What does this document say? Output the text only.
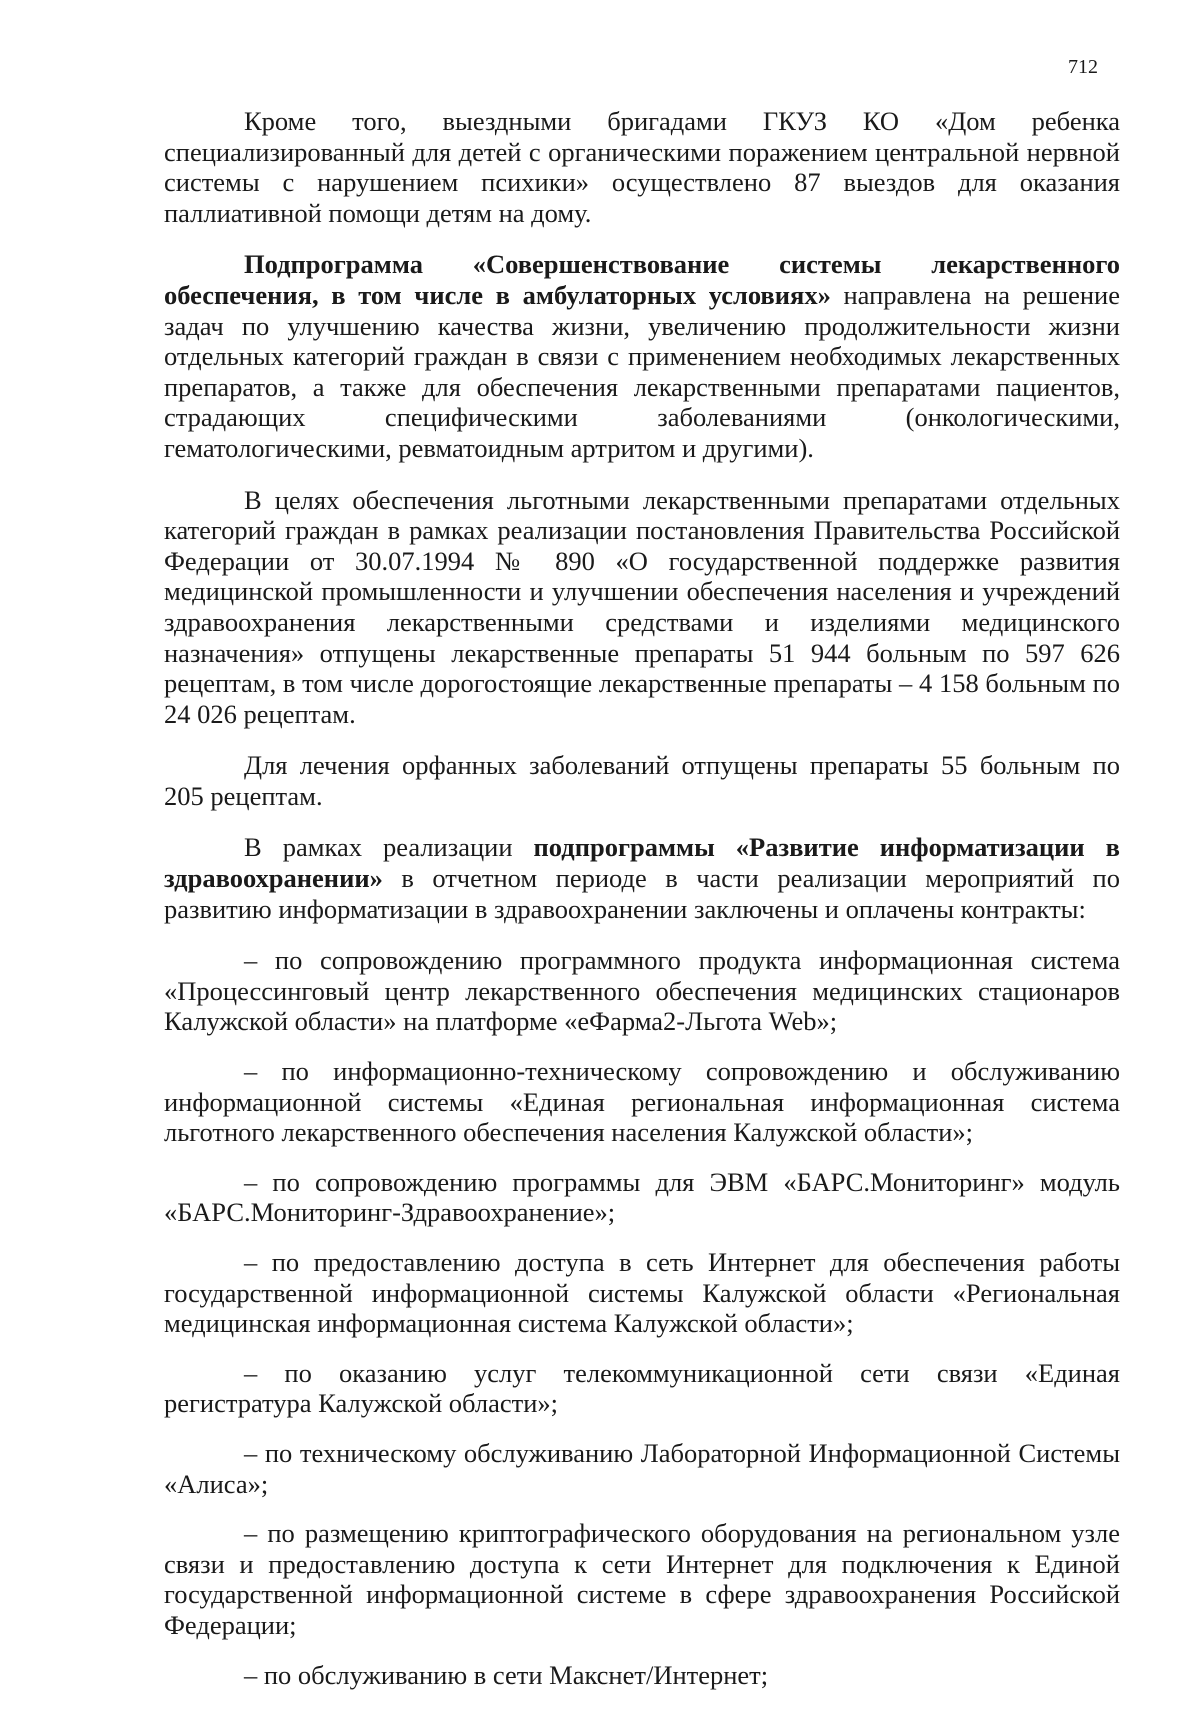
712

Кроме того, выездными бригадами ГКУЗ КО «Дом ребенка специализированный для детей с органическими поражением центральной нервной системы с нарушением психики» осуществлено 87 выездов для оказания паллиативной помощи детям на дому.

Подпрограмма «Совершенствование системы лекарственного обеспечения, в том числе в амбулаторных условиях» направлена на решение задач по улучшению качества жизни, увеличению продолжительности жизни отдельных категорий граждан в связи с применением необходимых лекарственных препаратов, а также для обеспечения лекарственными препаратами пациентов, страдающих специфическими заболеваниями (онкологическими, гематологическими, ревматоидным артритом и другими).

В целях обеспечения льготными лекарственными препаратами отдельных категорий граждан в рамках реализации постановления Правительства Российской Федерации от 30.07.1994 № 890 «О государственной поддержке развития медицинской промышленности и улучшении обеспечения населения и учреждений здравоохранения лекарственными средствами и изделиями медицинского назначения» отпущены лекарственные препараты 51 944 больным по 597 626 рецептам, в том числе дорогостоящие лекарственные препараты – 4 158 больным по 24 026 рецептам.

Для лечения орфанных заболеваний отпущены препараты 55 больным по 205 рецептам.

В рамках реализации подпрограммы «Развитие информатизации в здравоохранении» в отчетном периоде в части реализации мероприятий по развитию информатизации в здравоохранении заключены и оплачены контракты:

– по сопровождению программного продукта информационная система «Процессинговый центр лекарственного обеспечения медицинских стационаров Калужской области» на платформе «еФарма2-Льгота Web»;

– по информационно-техническому сопровождению и обслуживанию информационной системы «Единая региональная информационная система льготного лекарственного обеспечения населения Калужской области»;

– по сопровождению программы для ЭВМ «БАРС.Мониторинг» модуль «БАРС.Мониторинг-Здравоохранение»;

– по предоставлению доступа в сеть Интернет для обеспечения работы государственной информационной системы Калужской области «Региональная медицинская информационная система Калужской области»;

– по оказанию услуг телекоммуникационной сети связи «Единая регистратура Калужской области»;

– по техническому обслуживанию Лабораторной Информационной Системы «Алиса»;

– по размещению криптографического оборудования на региональном узле связи и предоставлению доступа к сети Интернет для подключения к Единой государственной информационной системе в сфере здравоохранения Российской Федерации;

– по обслуживанию в сети Макснет/Интернет;
